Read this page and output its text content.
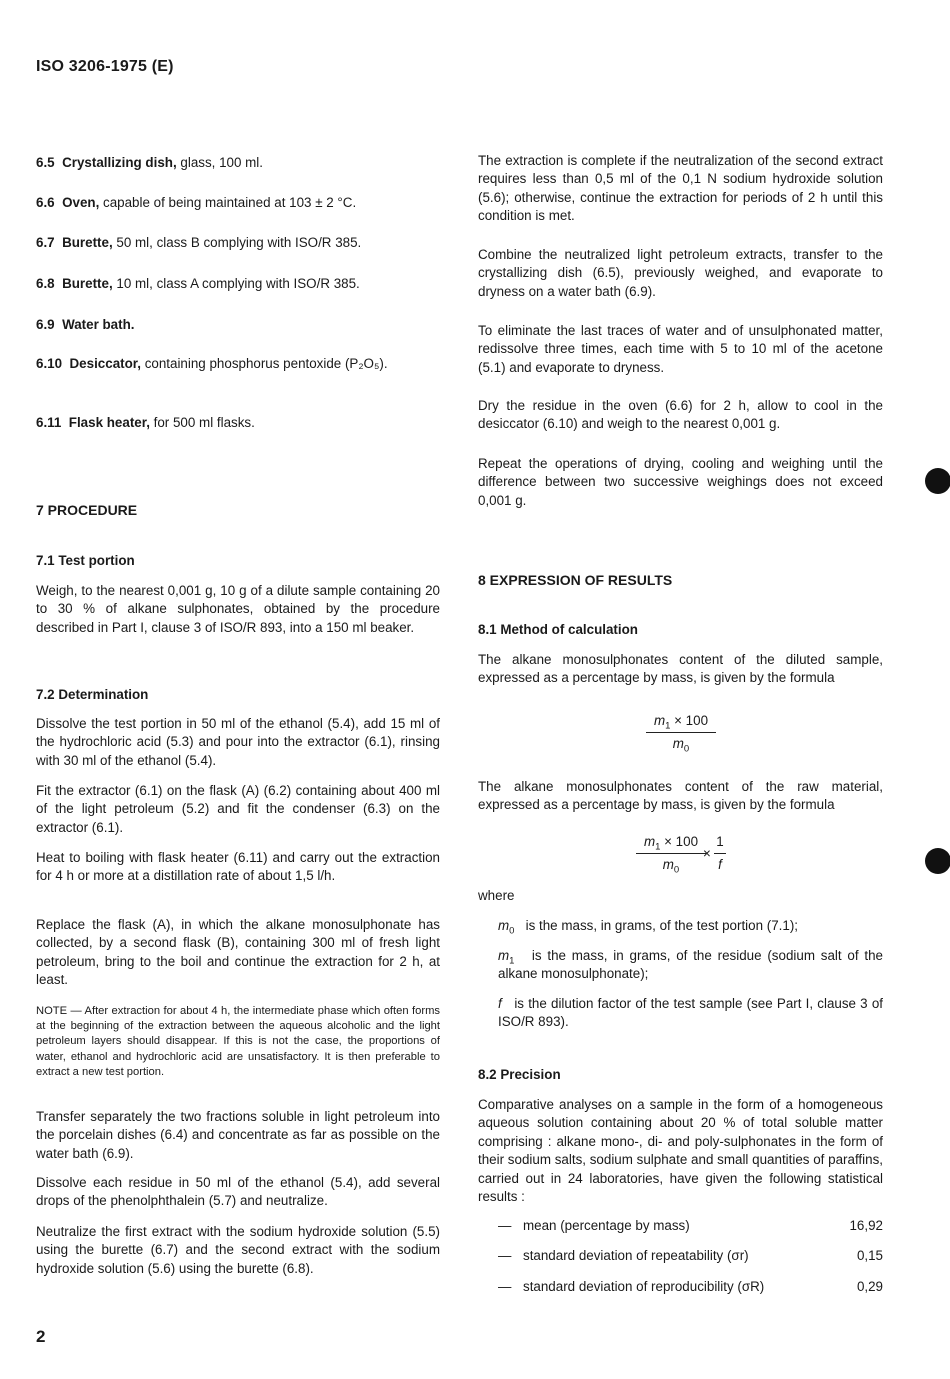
ISO 3206-1975 (E)
6.5 Crystallizing dish, glass, 100 ml.
6.6 Oven, capable of being maintained at 103 ± 2 °C.
6.7 Burette, 50 ml, class B complying with ISO/R 385.
6.8 Burette, 10 ml, class A complying with ISO/R 385.
6.9 Water bath.
6.10 Desiccator, containing phosphorus pentoxide (P₂O₅).
6.11 Flask heater, for 500 ml flasks.
7 PROCEDURE
7.1 Test portion
Weigh, to the nearest 0,001 g, 10 g of a dilute sample containing 20 to 30 % of alkane sulphonates, obtained by the procedure described in Part I, clause 3 of ISO/R 893, into a 150 ml beaker.
7.2 Determination
Dissolve the test portion in 50 ml of the ethanol (5.4), add 15 ml of the hydrochloric acid (5.3) and pour into the extractor (6.1), rinsing with 30 ml of the ethanol (5.4).
Fit the extractor (6.1) on the flask (A) (6.2) containing about 400 ml of the light petroleum (5.2) and fit the condenser (6.3) on the extractor (6.1).
Heat to boiling with flask heater (6.11) and carry out the extraction for 4 h or more at a distillation rate of about 1,5 l/h.
Replace the flask (A), in which the alkane monosulphonate has collected, by a second flask (B), containing 300 ml of fresh light petroleum, bring to the boil and continue the extraction for 2 h, at least.
NOTE — After extraction for about 4 h, the intermediate phase which often forms at the beginning of the extraction between the aqueous alcoholic and the light petroleum layers should disappear. If this is not the case, the proportions of water, ethanol and hydrochloric acid are unsatisfactory. It is then preferable to extract a new test portion.
Transfer separately the two fractions soluble in light petroleum into the porcelain dishes (6.4) and concentrate as far as possible on the water bath (6.9).
Dissolve each residue in 50 ml of the ethanol (5.4), add several drops of the phenolphthalein (5.7) and neutralize.
Neutralize the first extract with the sodium hydroxide solution (5.5) using the burette (6.7) and the second extract with the sodium hydroxide solution (5.6) using the burette (6.8).
The extraction is complete if the neutralization of the second extract requires less than 0,5 ml of the 0,1 N sodium hydroxide solution (5.6); otherwise, continue the extraction for periods of 2 h until this condition is met.
Combine the neutralized light petroleum extracts, transfer to the crystallizing dish (6.5), previously weighed, and evaporate to dryness on a water bath (6.9).
To eliminate the last traces of water and of unsulphonated matter, redissolve three times, each time with 5 to 10 ml of the acetone (5.1) and evaporate to dryness.
Dry the residue in the oven (6.6) for 2 h, allow to cool in the desiccator (6.10) and weigh to the nearest 0,001 g.
Repeat the operations of drying, cooling and weighing until the difference between two successive weighings does not exceed 0,001 g.
8 EXPRESSION OF RESULTS
8.1 Method of calculation
The alkane monosulphonates content of the diluted sample, expressed as a percentage by mass, is given by the formula
$\frac{m_1 \times 100}{m_0}$
The alkane monosulphonates content of the raw material, expressed as a percentage by mass, is given by the formula
$\frac{m_1 \times 100}{m_0}$
× $\frac{1}{f}$
where
$m_0$ is the mass, in grams, of the test portion (7.1);
$m_1$ is the mass, in grams, of the residue (sodium salt of the alkane monosulphonate);
f is the dilution factor of the test sample (see Part I, clause 3 of ISO/R 893).
8.2 Precision
Comparative analyses on a sample in the form of a homogeneous aqueous solution containing about 20 % of total soluble matter comprising : alkane mono-, di- and poly-sulphonates in the form of their sodium salts, sodium sulphate and small quantities of paraffins, carried out in 24 laboratories, have given the following statistical results :
— mean (percentage by mass)	16,92
— standard deviation of repeatability (σr)	0,15
— standard deviation of reproducibility (σR)	0,29
2
